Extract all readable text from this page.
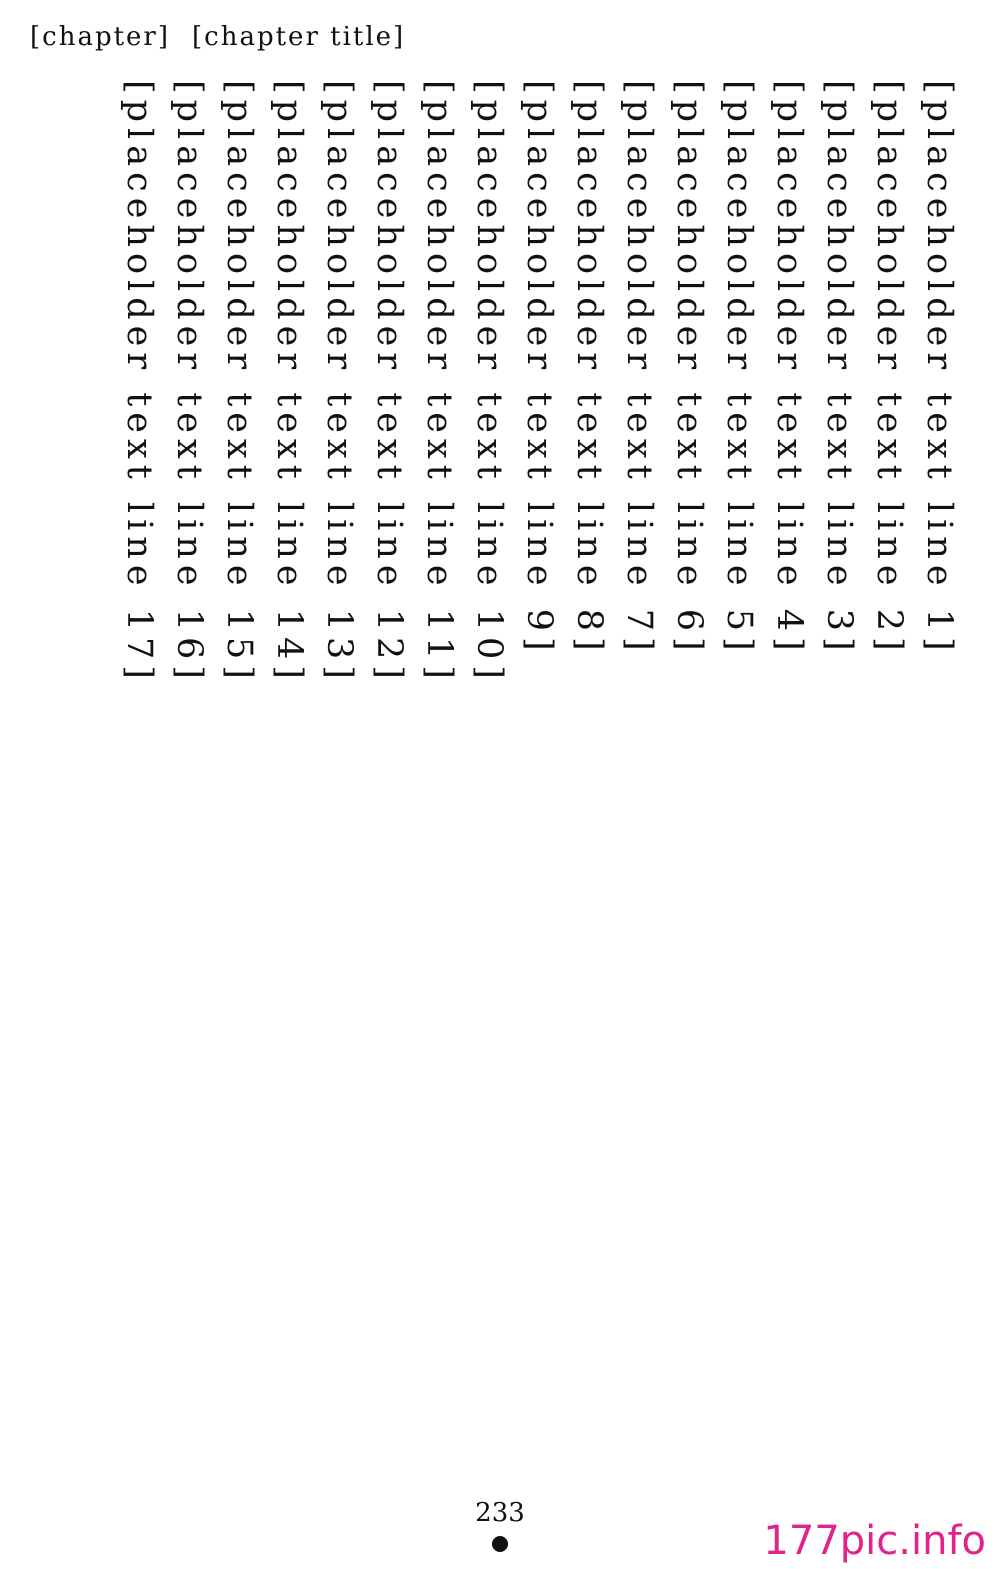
[chapter] [chapter title]

[placeholder text line 1]

[placeholder text line 2]

[placeholder text line 3]

[placeholder text line 4]

[placeholder text line 5]

[placeholder text line 6]

[placeholder text line 7]

[placeholder text line 8]

[placeholder text line 9]

[placeholder text line 10]

[placeholder text line 11]

[placeholder text line 12]

[placeholder text line 13]

[placeholder text line 14]

[placeholder text line 15]

[placeholder text line 16]

[placeholder text line 17]

233
177pic.info
